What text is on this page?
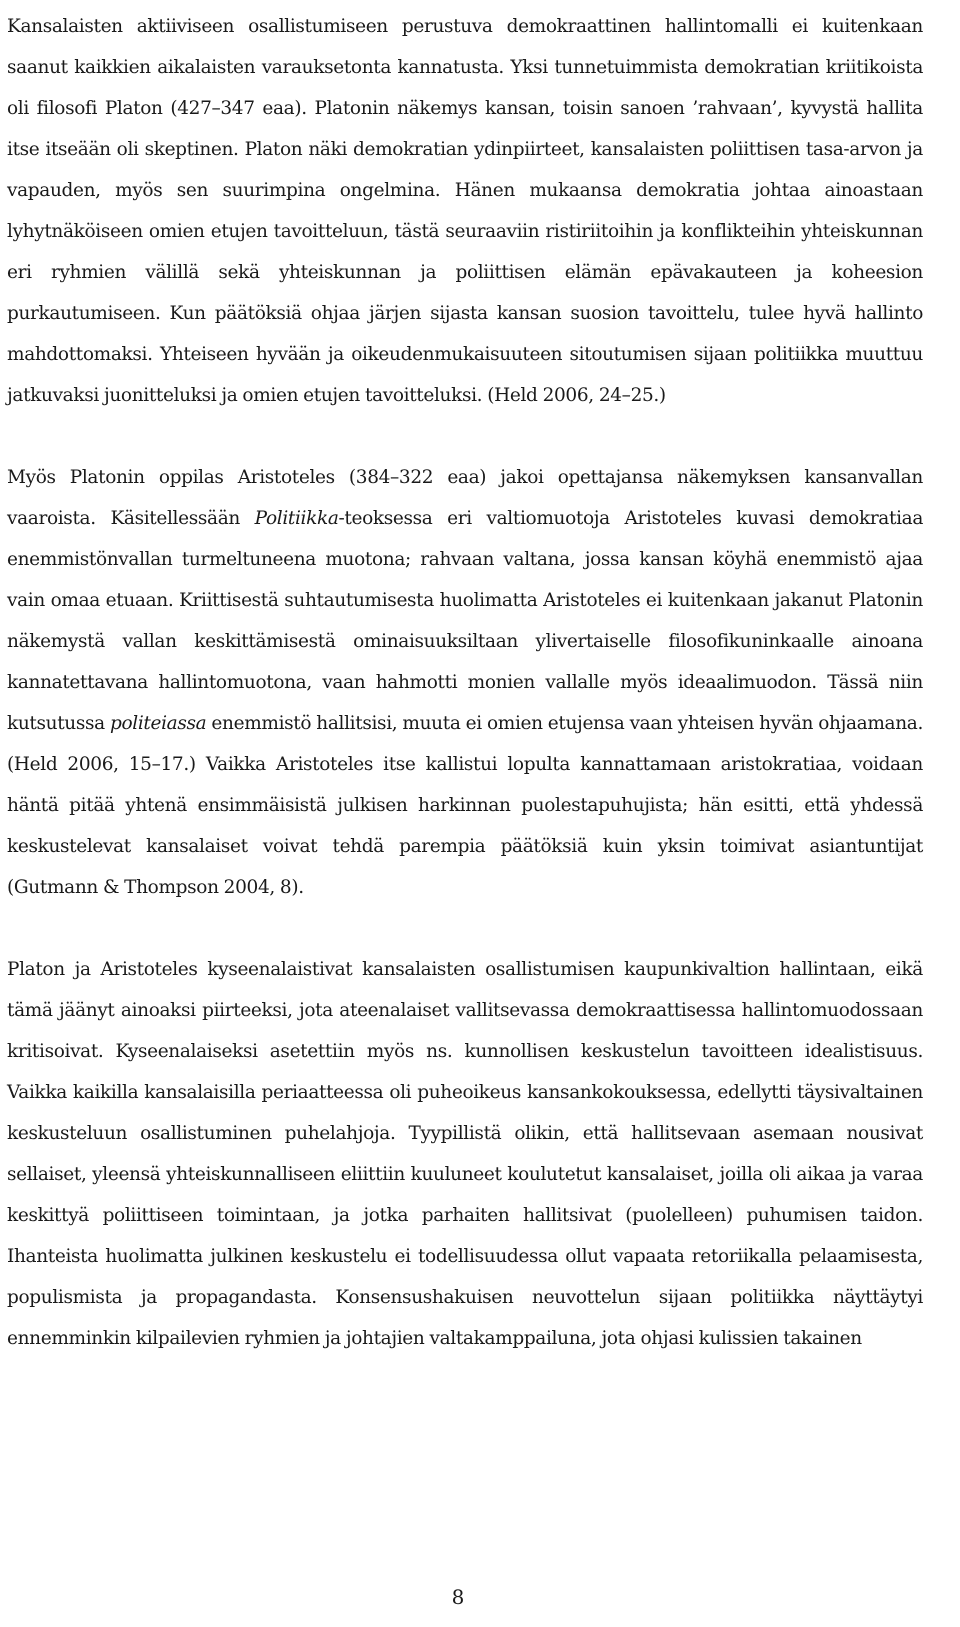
Kansalaisten aktiiviseen osallistumiseen perustuva demokraattinen hallintomalli ei kuitenkaan saanut kaikkien aikalaisten varauksetonta kannatusta. Yksi tunnetuimmista demokratian kriitikoista oli filosofi Platon (427–347 eaa). Platonin näkemys kansan, toisin sanoen ’rahvaan’, kyvystä hallita itse itseään oli skeptinen. Platon näki demokratian ydinpiirteet, kansalaisten poliittisen tasa-arvon ja vapauden, myös sen suurimpina ongelmina. Hänen mukaansa demokratia johtaa ainoastaan lyhytnäköiseen omien etujen tavoitteluun, tästä seuraaviin ristiriitoihin ja konflikteihin yhteiskunnan eri ryhmien välillä sekä yhteiskunnan ja poliittisen elämän epävakauteen ja koheesion purkautumiseen. Kun päätöksiä ohjaa järjen sijasta kansan suosion tavoittelu, tulee hyvä hallinto mahdottomaksi. Yhteiseen hyvään ja oikeudenmukaisuuteen sitoutumisen sijaan politiikka muuttuu jatkuvaksi juonitteluksi ja omien etujen tavoitteluksi. (Held 2006, 24–25.)

Myös Platonin oppilas Aristoteles (384–322 eaa) jakoi opettajansa näkemyksen kansanvallan vaaroista. Käsitellessään Politiikka-teoksessa eri valtiomuotoja Aristoteles kuvasi demokratiaa enemmistönvallan turmeltuneena muotona; rahvaan valtana, jossa kansan köyhä enemmistö ajaa vain omaa etuaan. Kriittisestä suhtautumisesta huolimatta Aristoteles ei kuitenkaan jakanut Platonin näkemystä vallan keskittämisestä ominaisuuksiltaan ylivertaiselle filosofikuninkaalle ainoana kannatettavana hallintomuotona, vaan hahmotti monien vallalle myös ideaalimuodon. Tässä niin kutsutussa politeiassa enemmistö hallitsisi, muuta ei omien etujensa vaan yhteisen hyvän ohjaamana. (Held 2006, 15–17.) Vaikka Aristoteles itse kallistui lopulta kannattamaan aristokratiaa, voidaan häntä pitää yhtenä ensimmäisistä julkisen harkinnan puolestapuhujista; hän esitti, että yhdessä keskustelevat kansalaiset voivat tehdä parempia päätöksiä kuin yksin toimivat asiantuntijat (Gutmann & Thompson 2004, 8).

Platon ja Aristoteles kyseenalaistivat kansalaisten osallistumisen kaupunkivaltion hallintaan, eikä tämä jäänyt ainoaksi piirteeksi, jota ateenalaiset vallitsevassa demokraattisessa hallintomuodossaan kritisoivat. Kyseenalaiseksi asetettiin myös ns. kunnollisen keskustelun tavoitteen idealistisuus. Vaikka kaikilla kansalaisilla periaatteessa oli puheoikeus kansankokouksessa, edellytti täysivaltainen keskusteluun osallistuminen puhelahjoja. Tyypillistä olikin, että hallitsevaan asemaan nousivat sellaiset, yleensä yhteiskunnalliseen eliittiin kuuluneet koulutetut kansalaiset, joilla oli aikaa ja varaa keskittyä poliittiseen toimintaan, ja jotka parhaiten hallitsivat (puolelleen) puhumisen taidon. Ihanteista huolimatta julkinen keskustelu ei todellisuudessa ollut vapaata retoriikalla pelaamisesta, populismista ja propagandasta. Konsensushakuisen neuvottelun sijaan politiikka näyttäytyi ennemminkin kilpailevien ryhmien ja johtajien valtakamppailuna, jota ohjasi kulissien takainen

8
